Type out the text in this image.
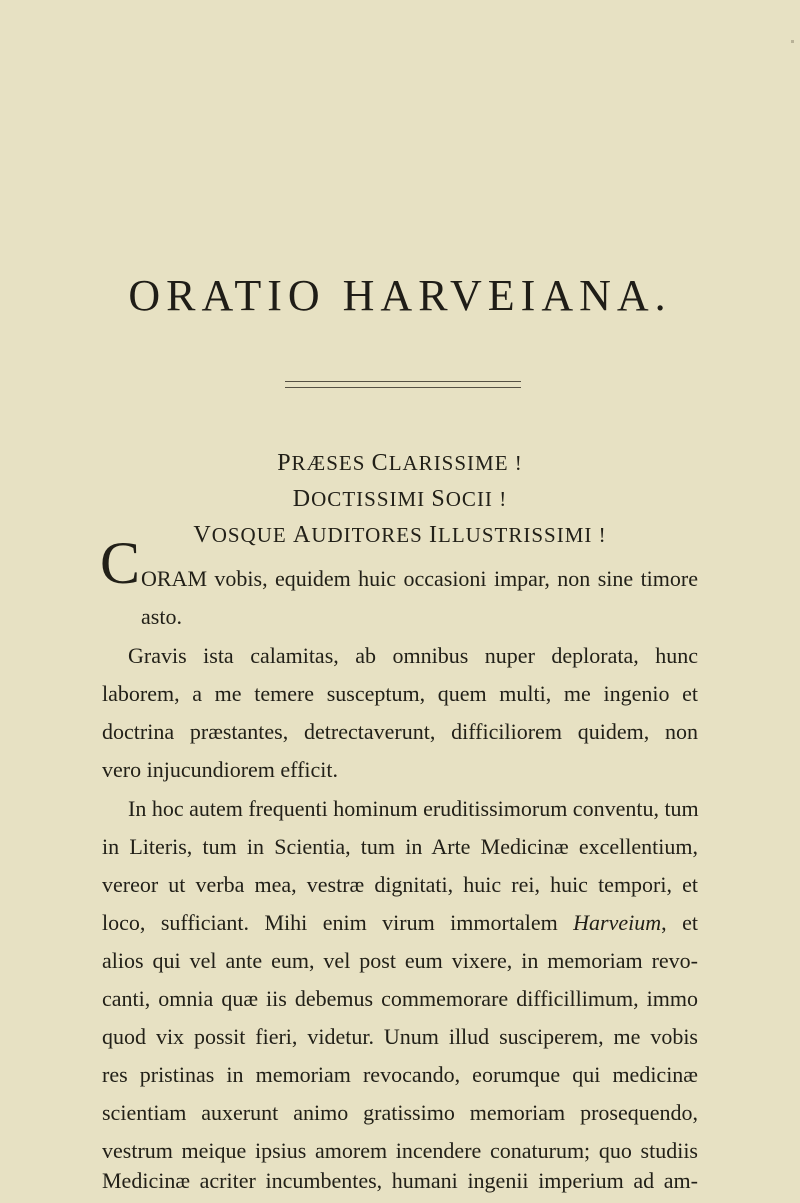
ORATIO HARVEIANA.
PRÆSES CLARISSIME !
DOCTISSIMI SOCII !
VOSQUE AUDITORES ILLUSTRISSIMI !
C ORAM vobis, equidem huic occasioni impar, non sine timore
asto.
Gravis ista calamitas, ab omnibus nuper deplorata, hunc
laborem, a me temere susceptum, quem multi, me ingenio et
doctrina præstantes, detrectaverunt, difficiliorem quidem, non
vero injucundiorem efficit.
In hoc autem frequenti hominum eruditissimorum conventu, tum
in Literis, tum in Scientia, tum in Arte Medicinæ excellentium,
vereor ut verba mea, vestræ dignitati, huic rei, huic tempori, et
loco, sufficiant. Mihi enim virum immortalem Harveium, et
alios qui vel ante eum, vel post eum vixere, in memoriam revo-
canti, omnia quæ iis debemus commemorare difficillimum, immo
quod vix possit fieri, videtur. Unum illud susciperem, me vobis
res pristinas in memoriam revocando, eorumque qui medicinæ
scientiam auxerunt animo gratissimo memoriam prosequendo,
vestrum meique ipsius amorem incendere conaturum; quo studiis
Medicinæ acriter incumbentes, humani ingenii imperium ad am-
